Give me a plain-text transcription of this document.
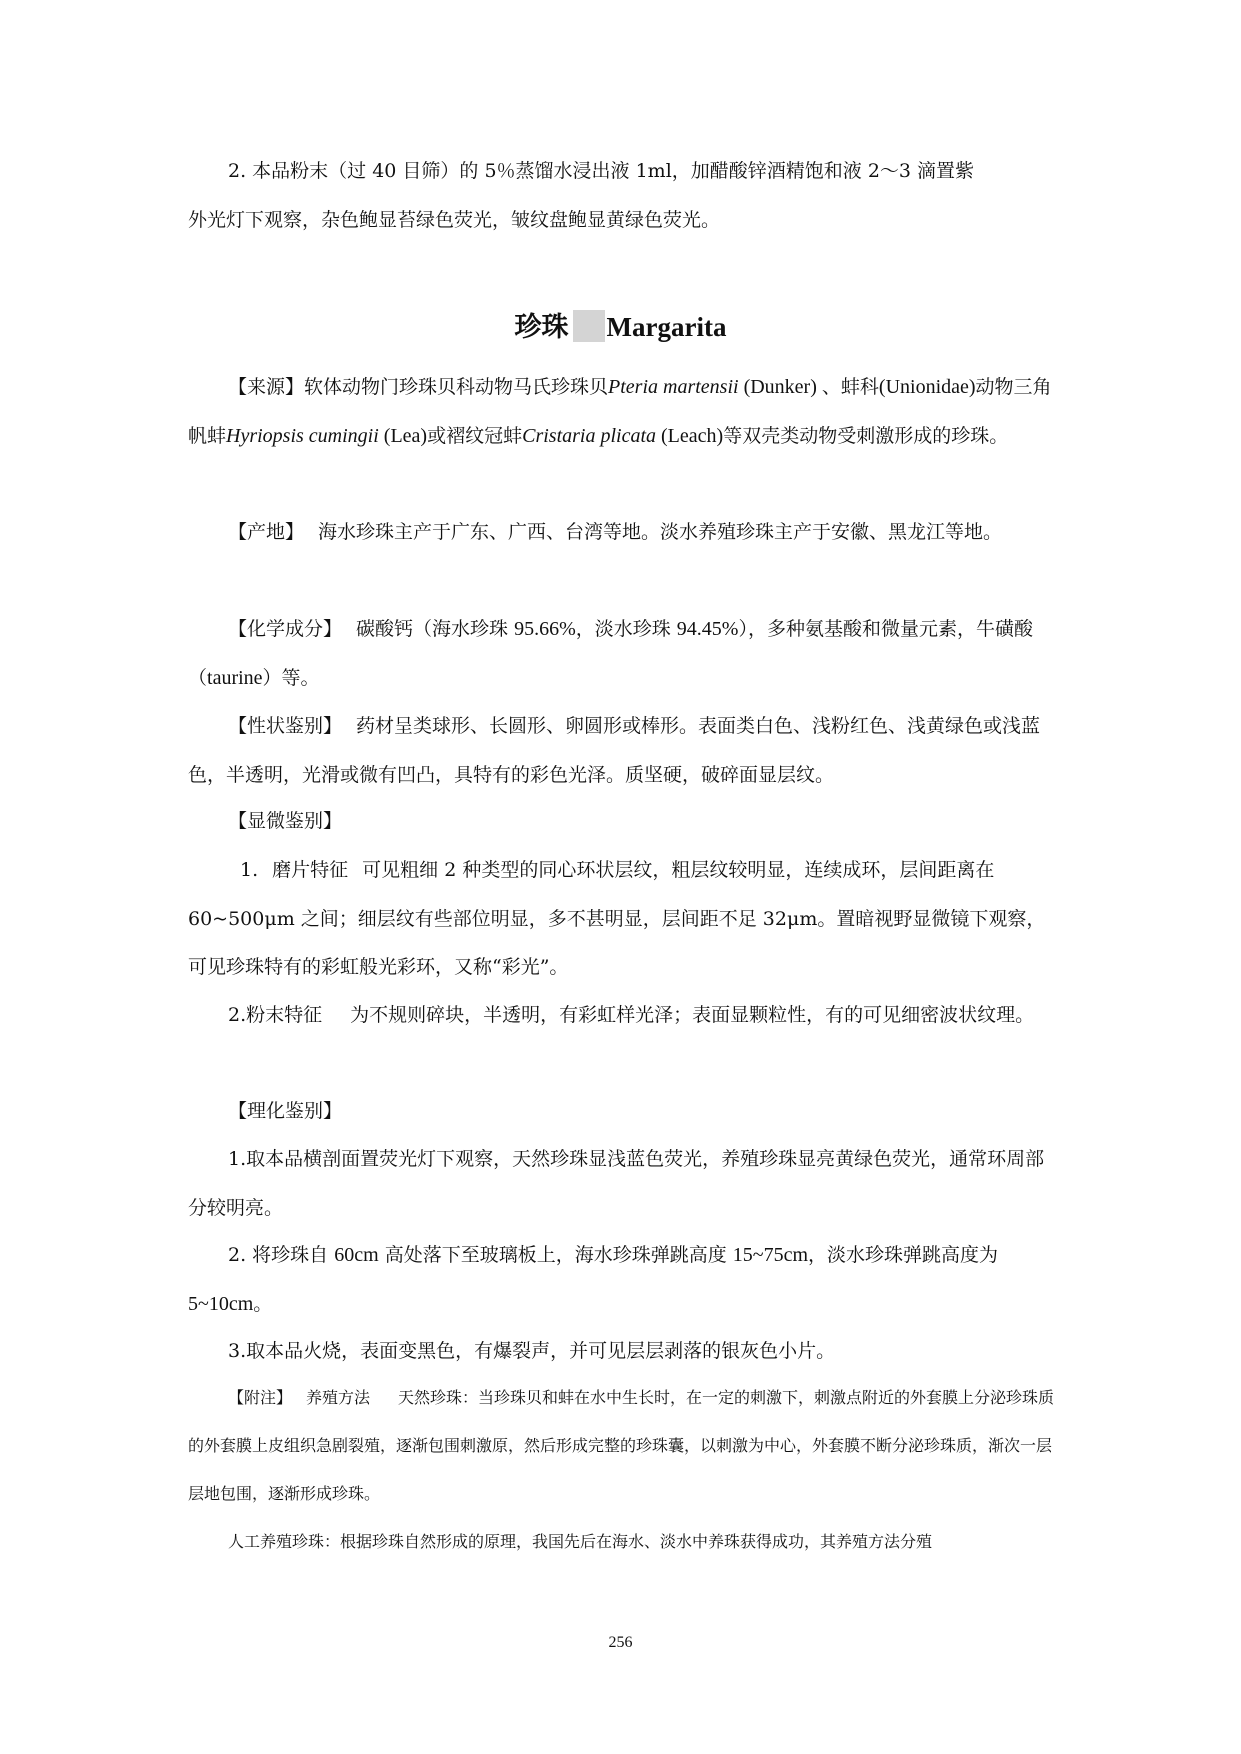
2. 本品粉末（过 40 目筛）的 5％蒸馏水浸出液 1ml，加醋酸锌酒精饱和液 2～3 滴置紫
外光灯下观察，杂色鲍显苔绿色荧光，皱纹盘鲍显黄绿色荧光。

珍珠 Margarita

【来源】软体动物门珍珠贝科动物马氏珍珠贝Pteria martensii (Dunker) 、蚌科(Unionidae)动物三角帆蚌Hyriopsis cumingii (Lea)或褶纹冠蚌Cristaria plicata (Leach)等双壳类动物受刺激形成的珍珠。

【产地】 海水珍珠主产于广东、广西、台湾等地。淡水养殖珍珠主产于安徽、黑龙江等地。

【化学成分】 碳酸钙（海水珍珠 95.66%，淡水珍珠 94.45%），多种氨基酸和微量元素，牛磺酸（taurine）等。

【性状鉴别】 药材呈类球形、长圆形、卵圆形或棒形。表面类白色、浅粉红色、浅黄绿色或浅蓝色，半透明，光滑或微有凹凸，具特有的彩色光泽。质坚硬，破碎面显层纹。

【显微鉴别】

1. 磨片特征 可见粗细 2 种类型的同心环状层纹，粗层纹较明显，连续成环，层间距离在 60~500μm 之间；细层纹有些部位明显，多不甚明显，层间距不足 32μm。置暗视野显微镜下观察，可见珍珠特有的彩虹般光彩环，又称“彩光”。

2.粉末特征 为不规则碎块，半透明，有彩虹样光泽；表面显颗粒性，有的可见细密波状纹理。

【理化鉴别】

1.取本品横剖面置荧光灯下观察，天然珍珠显浅蓝色荧光，养殖珍珠显亮黄绿色荧光，通常环周部分较明亮。

2. 将珍珠自 60cm 高处落下至玻璃板上，海水珍珠弹跳高度 15~75cm，淡水珍珠弹跳高度为 5~10cm。

3.取本品火烧，表面变黑色，有爆裂声，并可见层层剥落的银灰色小片。

【附注】 养殖方法 天然珍珠：当珍珠贝和蚌在水中生长时，在一定的刺激下，刺激点附近的外套膜上分泌珍珠质的外套膜上皮组织急剧裂殖，逐渐包围刺激原，然后形成完整的珍珠囊，以刺激为中心，外套膜不断分泌珍珠质，渐次一层层地包围，逐渐形成珍珠。

人工养殖珍珠：根据珍珠自然形成的原理，我国先后在海水、淡水中养珠获得成功，其养殖方法分殖

256
